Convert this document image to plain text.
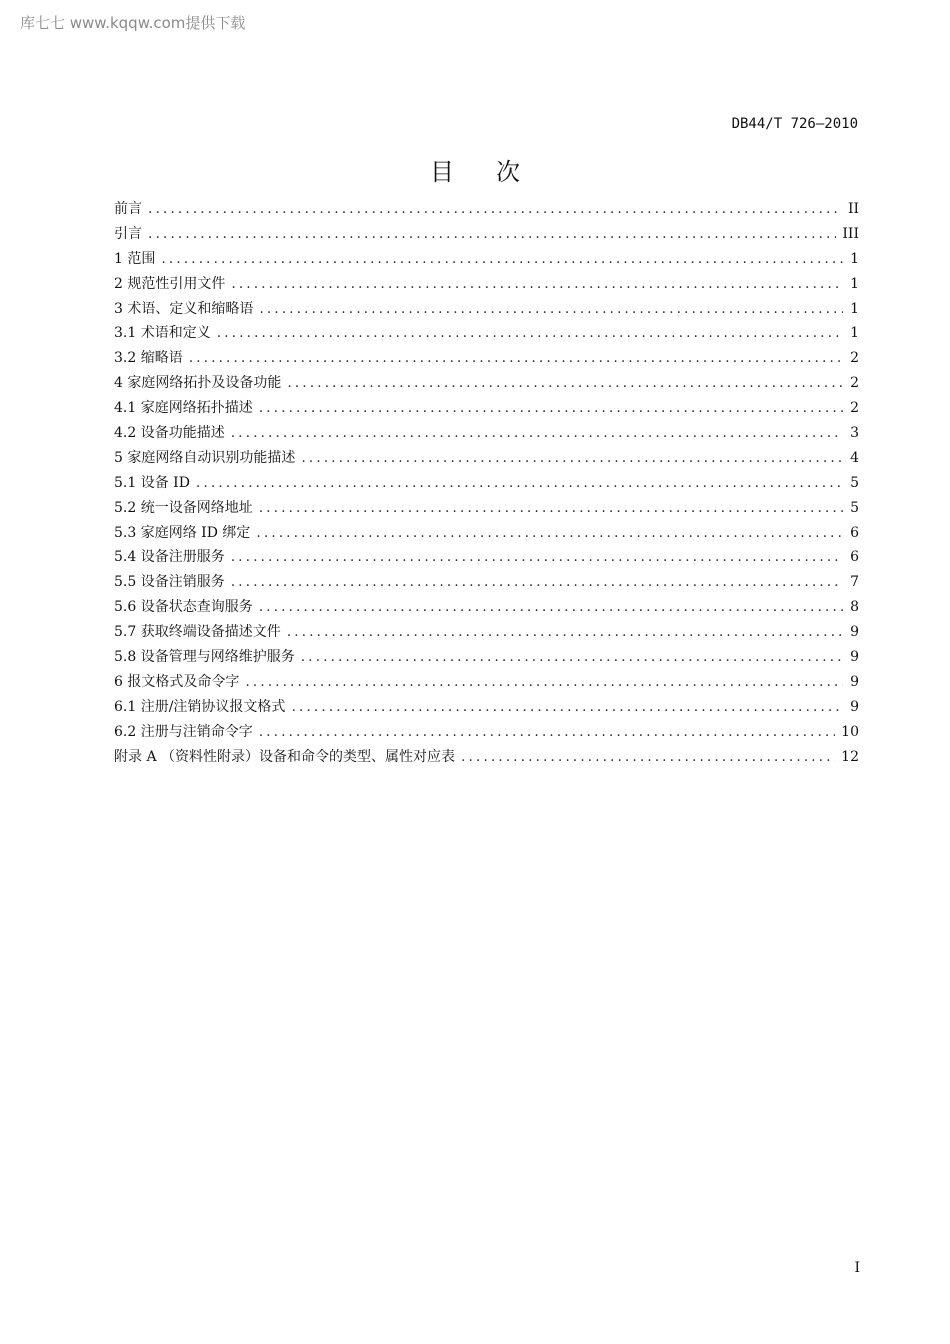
库七七 www.kqqw.com提供下载
DB44/T 726—2010
目次
前言 .....	II
引言 .....	III
1 范围 .....	1
2 规范性引用文件 .....	1
3 术语、定义和缩略语 .....	1
3.1 术语和定义 .....	1
3.2 缩略语 .....	2
4 家庭网络拓扑及设备功能 .....	2
4.1 家庭网络拓扑描述 .....	2
4.2 设备功能描述 .....	3
5 家庭网络自动识别功能描述 .....	4
5.1 设备 ID .....	5
5.2 统一设备网络地址 .....	5
5.3 家庭网络 ID 绑定 .....	6
5.4 设备注册服务 .....	6
5.5 设备注销服务 .....	7
5.6 设备状态查询服务 .....	8
5.7 获取终端设备描述文件 .....	9
5.8 设备管理与网络维护服务 .....	9
6 报文格式及命令字 .....	9
6.1 注册/注销协议报文格式 .....	9
6.2 注册与注销命令字 .....	10
附录 A （资料性附录）设备和命令的类型、属性对应表 .....	12
I
